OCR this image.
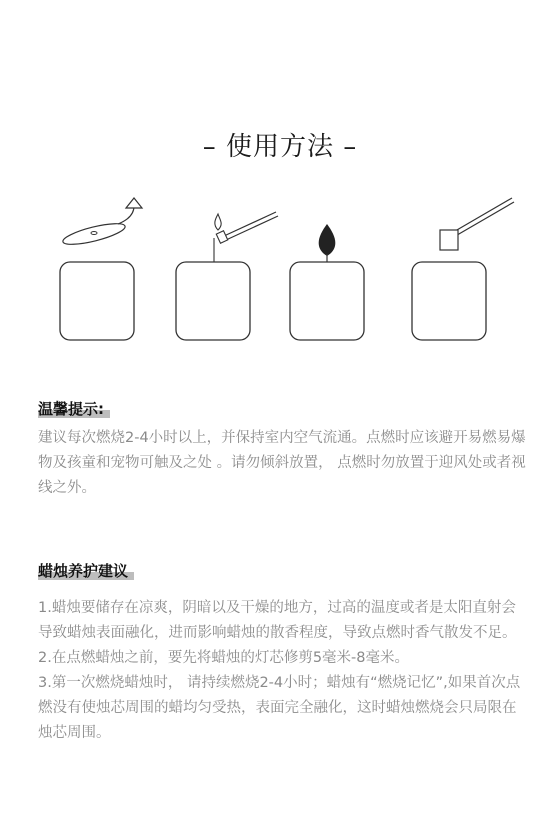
– 使用方法 –
温馨提示:

建议每次燃烧2-4小时以上，并保持室内空气流通。点燃时应该避开易燃易爆物及孩童和宠物可触及之处 。请勿倾斜放置， 点燃时勿放置于迎风处或者视线之外。

蜡烛养护建议

1.蜡烛要储存在凉爽，阴暗以及干燥的地方，过高的温度或者是太阳直射会导致蜡烛表面融化，进而影响蜡烛的散香程度，导致点燃时香气散发不足。

2.在点燃蜡烛之前，要先将蜡烛的灯芯修剪5毫米-8毫米。

3.第一次燃烧蜡烛时， 请持续燃烧2-4小时；蜡烛有“燃烧记忆”,如果首次点燃没有使烛芯周围的蜡均匀受热，表面完全融化，这时蜡烛燃烧会只局限在烛芯周围。
